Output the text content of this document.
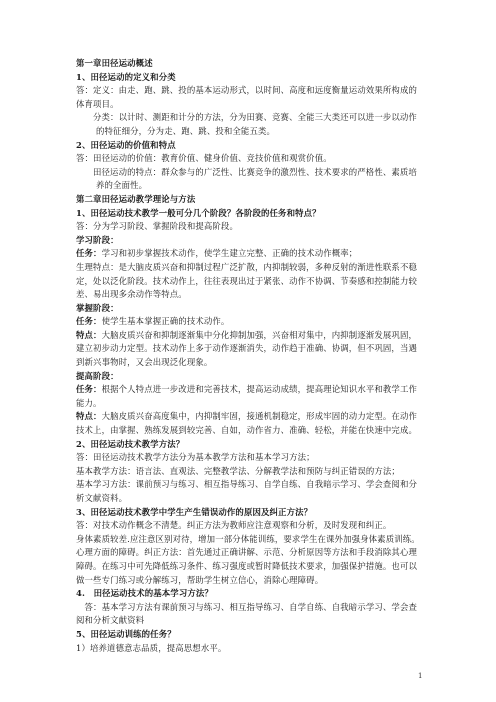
第一章田径运动概述
1、田径运动的定义和分类
答：定义：由走、跑、跳、投的基本运动形式，以时间、高度和远度衡量运动效果所构成的
体育项目。
分类：以计时、测距和计分的方法，分为田赛、竞赛、全能三大类还可以进一步以动作
的特征细分，分为走、跑、跳、投和全能五类。
2、田径运动的价值和特点
答：田径运动的价值：教育价值、健身价值、竞技价值和观赏价值。
田径运动的特点：群众参与的广泛性、比赛竞争的激烈性、技术要求的严格性、素质培
养的全面性。
第二章田径运动教学理论与方法
1、田径运动技术教学一般可分几个阶段？各阶段的任务和特点？
答：分为学习阶段、掌握阶段和提高阶段。
学习阶段：
任务：学习和初步掌握技术动作，使学生建立完整、正确的技术动作概率；
生理特点：是大脑皮质兴奋和抑制过程广泛扩散，内抑制较弱，多种反射的渐进性联系不稳
定，处以泛化阶段。技术动作上，往往表现出过于紧张、动作不协调、节奏感和控制能力较
差、易出现多余动作等特点。
掌握阶段：
任务：使学生基本掌握正确的技术动作。
特点：大脑皮质兴奋和抑制逐渐集中分化抑制加强，兴奋相对集中，内抑制逐渐发展巩固，
建立初步动力定型。技术动作上多于动作逐渐消失，动作趋于准确、协调，但不巩固，当遇
到新兴事物时，又会出现泛化现象。
提高阶段：
任务：根据个人特点进一步改进和完善技术，提高运动成绩，提高理论知识水平和教学工作
能力。
特点：大脑皮质兴奋高度集中，内抑制牢固，接通机制稳定，形成牢固的动力定型。在动作
技术上，由掌握、熟练发展到较完善、自如，动作省力、准确、轻松，并能在快速中完成。
2、田径运动技术教学方法？
答：田径运动技术教学方法分为基本教学方法和基本学习方法；
基本教学方法：语言法、直观法、完整教学法、分解教学法和预防与纠正错误的方法；
基本学习方法：课前预习与练习、相互指导练习、自学自练、自我暗示学习、学会查阅和分
析文献资料。
3、田径运动技术教学中学生产生错误动作的原因及纠正方法？
答：对技术动作概念不清楚。纠正方法为教师应注意观察和分析，及时发现和纠正。
身体素质较差.应注意区别对待，增加一部分体能训练，要求学生在课外加强身体素质训练。
心理方面的障碍。纠正方法：首先通过正确讲解、示范、分析原因等方法和手段消除其心理
障碍。在练习中可先降低练习条件、练习强度或暂时降低技术要求，加强保护措施。也可以
做一些专门练习或分解练习，帮助学生树立信心，消除心理障碍。
4.　田径运动技术的基本学习方法？
　答：基本学习方法有课前预习与练习、相互指导练习、自学自练、自我暗示学习、学会查
阅和分析文献资料
5、田径运动训练的任务？
1）培养道德意志品质，提高思想水平。
1
